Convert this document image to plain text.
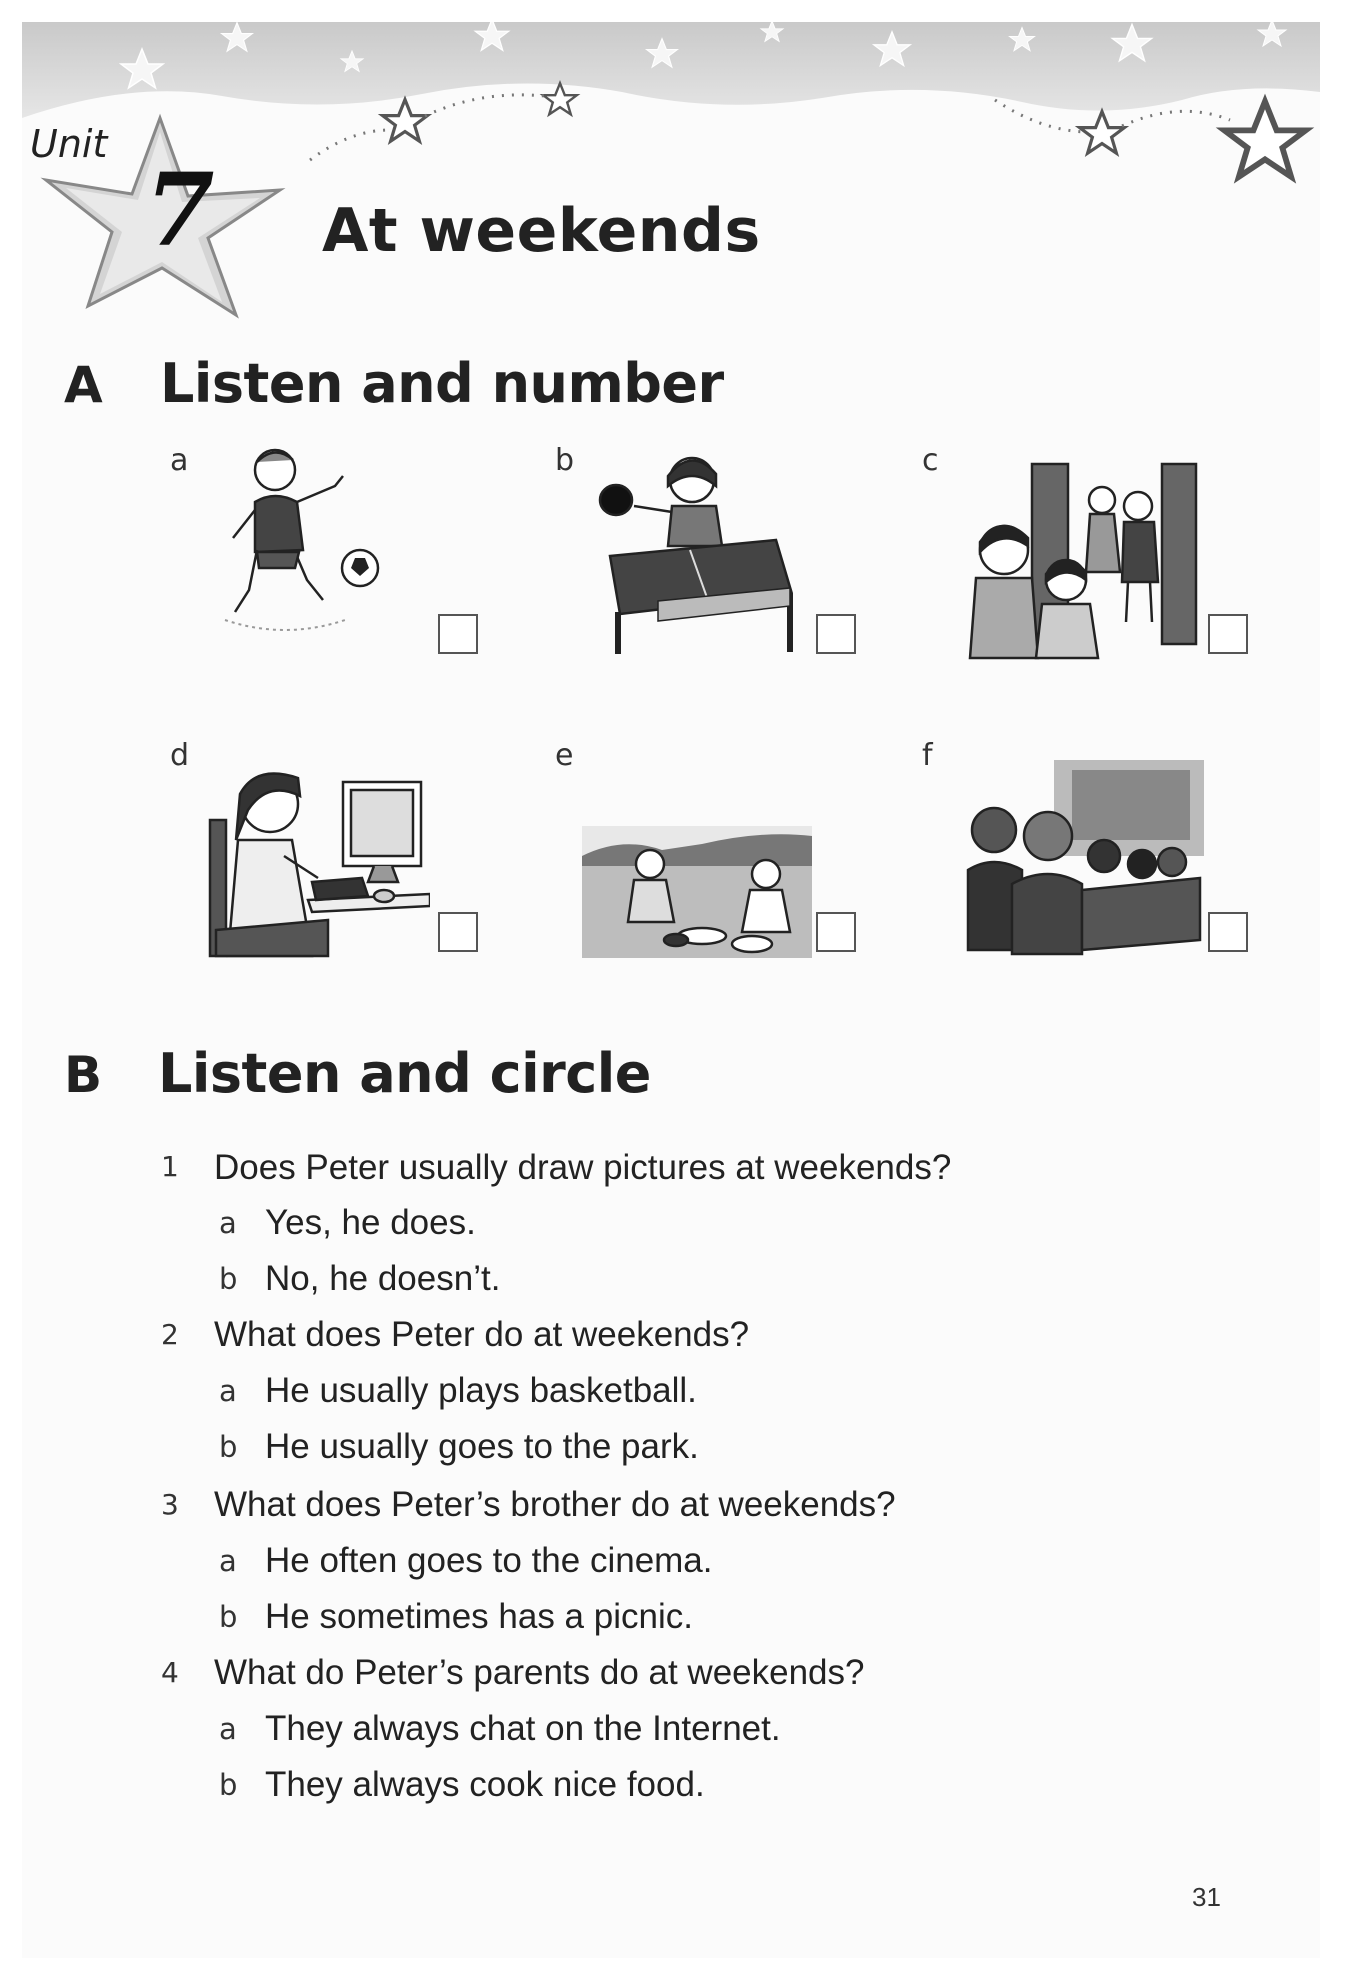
Unit
7 At weekends
A Listen and number
a	b	c
d	e	f
B Listen and circle
1 Does Peter usually draw pictures at weekends?
a Yes, he does.
b No, he doesn’t.
2 What does Peter do at weekends?
a He usually plays basketball.
b He usually goes to the park.
3 What does Peter’s brother do at weekends?
a He often goes to the cinema.
b He sometimes has a picnic.
4 What do Peter’s parents do at weekends?
a They always chat on the Internet.
b They always cook nice food.
31
